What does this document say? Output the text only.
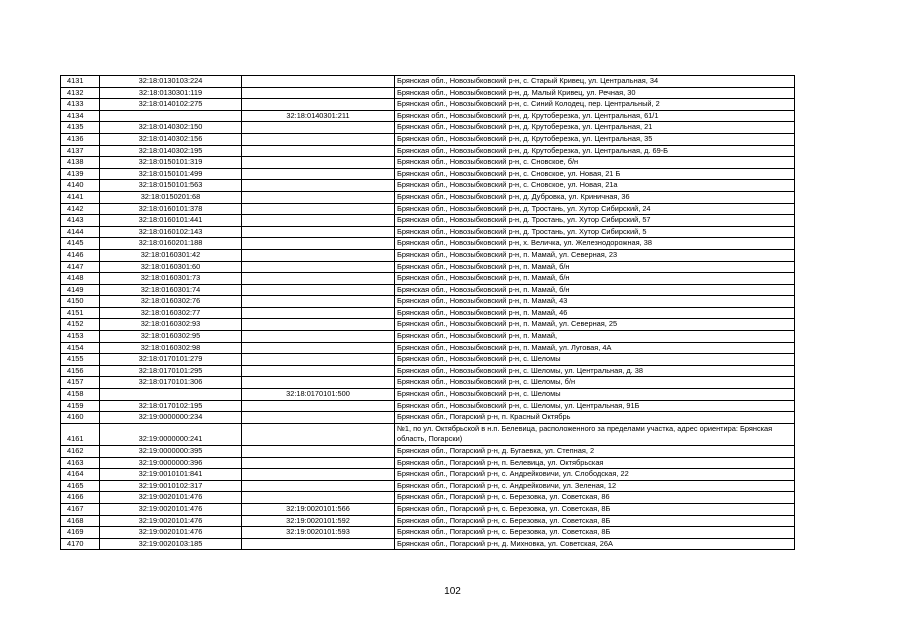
4131	32:18:0130103:224		Брянская обл., Новозыбковский р-н, с. Старый Кривец, ул. Центральная, 34
4132	32:18:0130301:119		Брянская обл., Новозыбковский р-н, д. Малый Кривец, ул. Речная, 30
4133	32:18:0140102:275		Брянская обл., Новозыбковский р-н, с. Синий Колодец, пер. Центральный, 2
4134		32:18:0140301:211	Брянская обл., Новозыбковский р-н, д. Крутоберезка, ул. Центральная, 61/1
4135	32:18:0140302:150		Брянская обл., Новозыбковский р-н, д. Крутоберезка, ул. Центральная, 21
4136	32:18:0140302:156		Брянская обл., Новозыбковский р-н, д. Крутоберезка, ул. Центральная, 35
4137	32:18:0140302:195		Брянская обл., Новозыбковский р-н, д. Крутоберезка, ул. Центральная, д. 69-Б
4138	32:18:0150101:319		Брянская обл., Новозыбковский р-н, с. Сновское, б/н
4139	32:18:0150101:499		Брянская обл., Новозыбковский р-н, с. Сновское, ул. Новая, 21 Б
4140	32:18:0150101:563		Брянская обл., Новозыбковский р-н, с. Сновское, ул. Новая, 21а
4141	32:18:0150201:68		Брянская обл., Новозыбковский р-н, д. Дубровка, ул. Криничная, 36
4142	32:18:0160101:378		Брянская обл., Новозыбковский р-н, д. Тростань, ул. Хутор Сибирский, 24
4143	32:18:0160101:441		Брянская обл., Новозыбковский р-н, д. Тростань, ул. Хутор Сибирский, 57
4144	32:18:0160102:143		Брянская обл., Новозыбковский р-н, д. Тростань, ул. Хутор Сибирский, 5
4145	32:18:0160201:188		Брянская обл., Новозыбковский р-н, х. Величка, ул. Железнодорожная, 38
4146	32:18:0160301:42		Брянская обл., Новозыбковский р-н, п. Мамай, ул. Северная, 23
4147	32:18:0160301:60		Брянская обл., Новозыбковский р-н, п. Мамай, б/н
4148	32:18:0160301:73		Брянская обл., Новозыбковский р-н, п. Мамай, б/н
4149	32:18:0160301:74		Брянская обл., Новозыбковский р-н, п. Мамай, б/н
4150	32:18:0160302:76		Брянская обл., Новозыбковский р-н, п. Мамай, 43
4151	32:18:0160302:77		Брянская обл., Новозыбковский р-н, п. Мамай, 46
4152	32:18:0160302:93		Брянская обл., Новозыбковский р-н, п. Мамай, ул. Северная, 25
4153	32:18:0160302:95		Брянская обл., Новозыбковский р-н, п. Мамай,
4154	32:18:0160302:98		Брянская обл., Новозыбковский р-н, п. Мамай, ул. Луговая, 4А
4155	32:18:0170101:279		Брянская обл., Новозыбковский р-н, с. Шеломы
4156	32:18:0170101:295		Брянская обл., Новозыбковский р-н, с. Шеломы, ул. Центральная, д. 38
4157	32:18:0170101:306		Брянская обл., Новозыбковский р-н, с. Шеломы, б/н
4158		32:18:0170101:500	Брянская обл., Новозыбковский р-н, с. Шеломы
4159	32:18:0170102:195		Брянская обл., Новозыбковский р-н, с. Шеломы, ул. Центральная, 91Б
4160	32:19:0000000:234		Брянская обл., Погарский р-н, п. Красный Октябрь
4161	32:19:0000000:241		№1, по ул. Октябрьской в н.п. Белевица, расположенного за пределами участка, адрес ориентира: Брянская область, Погарски)
4162	32:19:0000000:395		Брянская обл., Погарский р-н, д. Бугаевка, ул. Степная, 2
4163	32:19:0000000:396		Брянская обл., Погарский р-н, п. Белевица, ул. Октябрьская
4164	32:19:0010101:841		Брянская обл., Погарский р-н, с. Андрейковичи, ул. Слободская, 22
4165	32:19:0010102:317		Брянская обл., Погарский р-н, с. Андрейковичи, ул. Зеленая, 12
4166	32:19:0020101:476		Брянская обл., Погарский р-н, с. Березовка, ул. Советская, 86
4167	32:19:0020101:476	32:19:0020101:566	Брянская обл., Погарский р-н, с. Березовка, ул. Советская, 8Б
4168	32:19:0020101:476	32:19:0020101:592	Брянская обл., Погарский р-н, с. Березовка, ул. Советская, 8Б
4169	32:19:0020101:476	32:19:0020101:593	Брянская обл., Погарский р-н, с. Березовка, ул. Советская, 8Б
4170	32:19:0020103:185		Брянская обл., Погарский р-н, д. Михновка, ул. Советская, 26А
102
